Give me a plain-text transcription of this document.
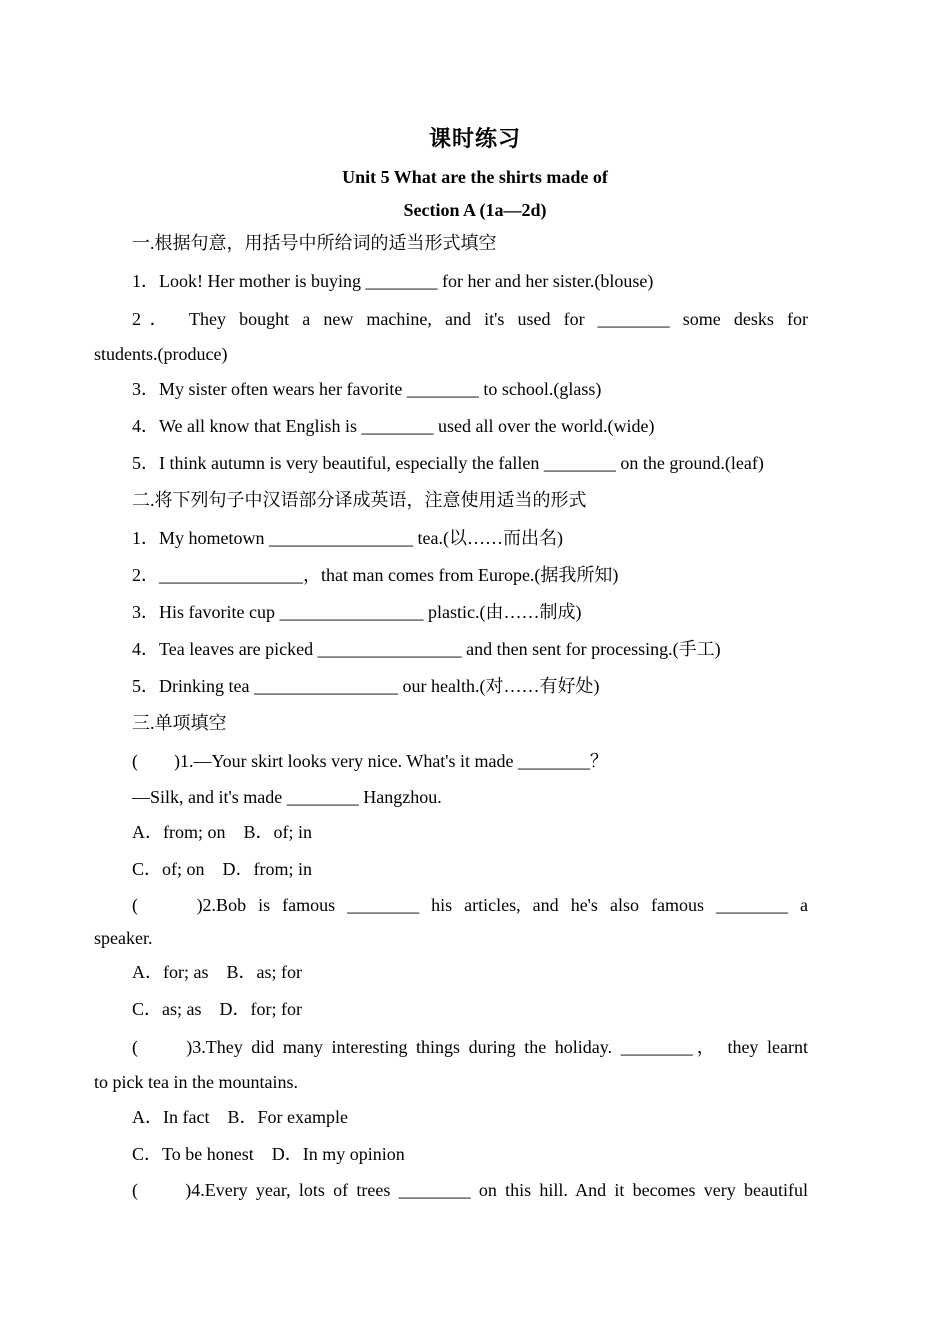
课时练习
Unit 5 What are the shirts made of
Section A (1a—2d)
一.根据句意，用括号中所给词的适当形式填空
1．Look! Her mother is buying ________ for her and her sister.(blouse)
2． They bought a new machine, and it's used for ________ some desks for
students.(produce)
3．My sister often wears her favorite ________ to school.(glass)
4．We all know that English is ________ used all over the world.(wide)
5．I think autumn is very beautiful, especially the fallen ________ on the ground.(leaf)
二.将下列句子中汉语部分译成英语，注意使用适当的形式
1．My hometown ________________ tea.(以……而出名)
2．________________，that man comes from Europe.(据我所知)
3．His favorite cup ________________ plastic.(由……制成)
4．Tea leaves are picked ________________ and then sent for processing.(手工)
5．Drinking tea ________________ our health.(对……有好处)
三.单项填空
(　　)1.—Your skirt looks very nice. What's it made ________？
—Silk, and it's made ________ Hangzhou.
A．from; on　B．of; in
C．of; on　D．from; in
(　　)2.Bob is famous ________ his articles, and he's also famous ________ a
speaker.
A．for; as　B．as; for
C．as; as　D．for; for
(　　)3.They did many interesting things during the holiday. ________， they learnt
to pick tea in the mountains.
A．In fact　B．For example
C．To be honest　D．In my opinion
(　　)4.Every year, lots of trees ________ on this hill. And it becomes very beautiful
